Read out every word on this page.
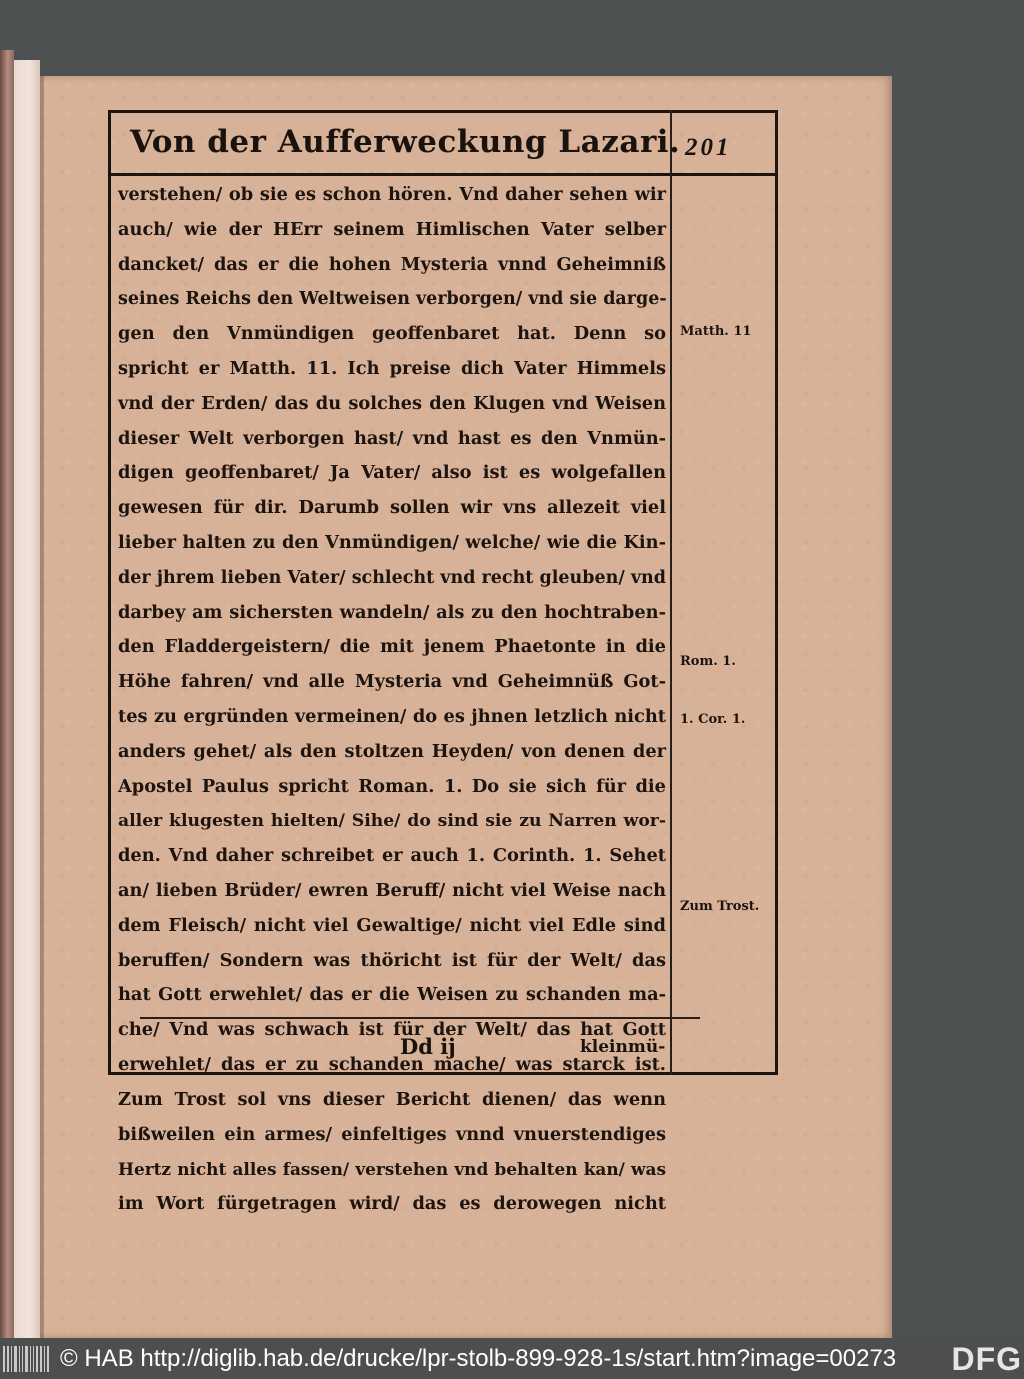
Von der Aufferweckung Lazari. 201
verstehen/ ob sie es schon hören. Vnd daher sehen wir
auch/ wie der HErr seinem Himlischen Vater selber
dancket/ das er die hohen Mysteria vnnd Geheimniß
seines Reichs den Weltweisen verborgen/ vnd sie darge-
gen den Vnmündigen geoffenbaret hat. Denn so
spricht er Matth. 11. Ich preise dich Vater Himmels
vnd der Erden/ das du solches den Klugen vnd Weisen
dieser Welt verborgen hast/ vnd hast es den Vnmün-
digen geoffenbaret/ Ja Vater/ also ist es wolgefallen
gewesen für dir. Darumb sollen wir vns allezeit viel
lieber halten zu den Vnmündigen/ welche/ wie die Kin-
der jhrem lieben Vater/ schlecht vnd recht gleuben/ vnd
darbey am sichersten wandeln/ als zu den hochtraben-
den Fladdergeistern/ die mit jenem Phaetonte in die
Höhe fahren/ vnd alle Mysteria vnd Geheimnüß Got-
tes zu ergründen vermeinen/ do es jhnen letzlich nicht
anders gehet/ als den stoltzen Heyden/ von denen der
Apostel Paulus spricht Roman. 1. Do sie sich für die
aller klugesten hielten/ Sihe/ do sind sie zu Narren wor-
den. Vnd daher schreibet er auch 1. Corinth. 1. Sehet
an/ lieben Brüder/ ewren Beruff/ nicht viel Weise nach
dem Fleisch/ nicht viel Gewaltige/ nicht viel Edle sind
beruffen/ Sondern was thöricht ist für der Welt/ das
hat Gott erwehlet/ das er die Weisen zu schanden ma-
che/ Vnd was schwach ist für der Welt/ das hat Gott
erwehlet/ das er zu schanden mache/ was starck ist.
Zum Trost sol vns dieser Bericht dienen/ das wenn
bißweilen ein armes/ einfeltiges vnnd vnuerstendiges
Hertz nicht alles fassen/ verstehen vnd behalten kan/ was
im Wort fürgetragen wird/ das es derowegen nicht
Matth. 11
Rom. 1.
1. Cor. 1.
Zum Trost.
Dd ij	kleinmü-
© HAB http://diglib.hab.de/drucke/lpr-stolb-899-928-1s/start.htm?image=00273	DFG
